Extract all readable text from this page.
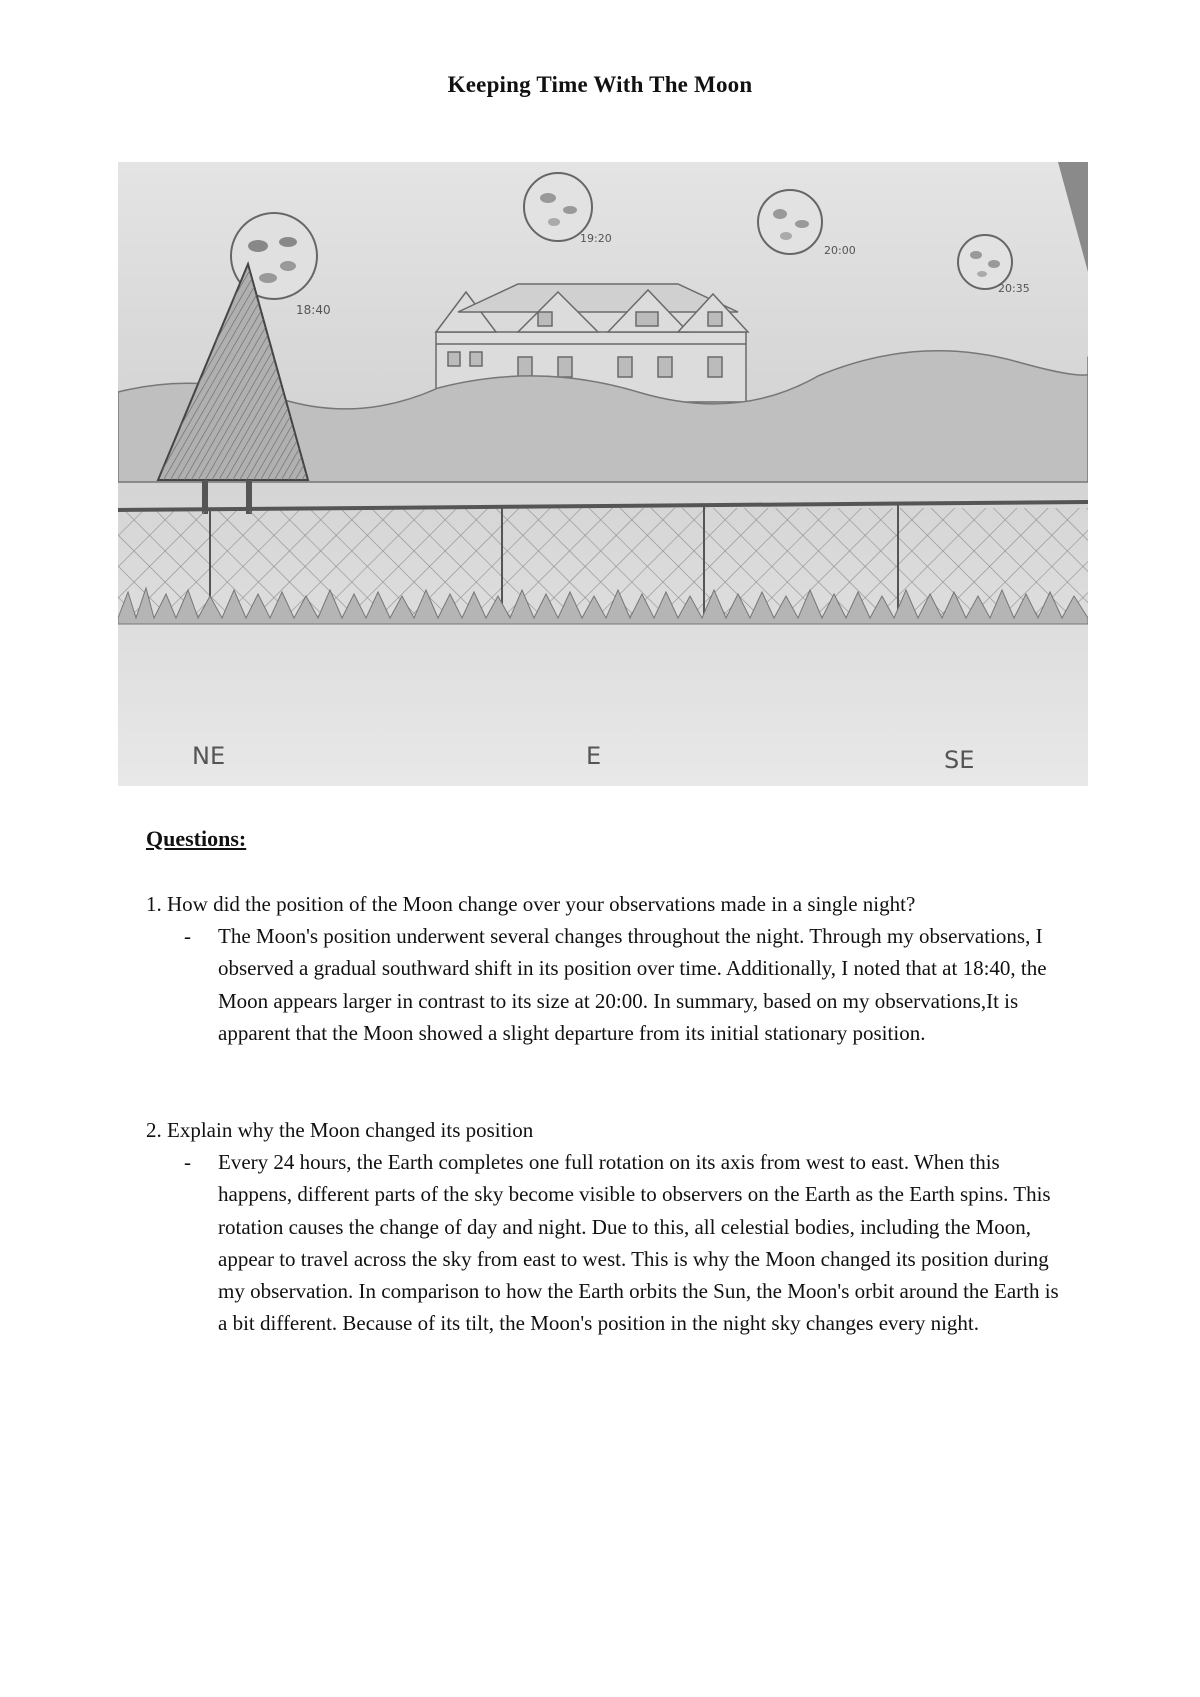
Keeping Time With The Moon
18:40
19:20
20:00
20:35
NE	E	SE
Questions:

1. How did the position of the Moon change over your observations made in a single night?

- The Moon's position underwent several changes throughout the night. Through my observations, I observed a gradual southward shift in its position over time. Additionally, I noted that at 18:40, the Moon appears larger in contrast to its size at 20:00. In summary, based on my observations,It is apparent that the Moon showed a slight departure from its initial stationary position.

2. Explain why the Moon changed its position

- Every 24 hours, the Earth completes one full rotation on its axis from west to east. When this happens, different parts of the sky become visible to observers on the Earth as the Earth spins. This rotation causes the change of day and night. Due to this, all celestial bodies, including the Moon, appear to travel across the sky from east to west. This is why the Moon changed its position during my observation. In comparison to how the Earth orbits the Sun, the Moon's orbit around the Earth is a bit different. Because of its tilt, the Moon's position in the night sky changes every night.
